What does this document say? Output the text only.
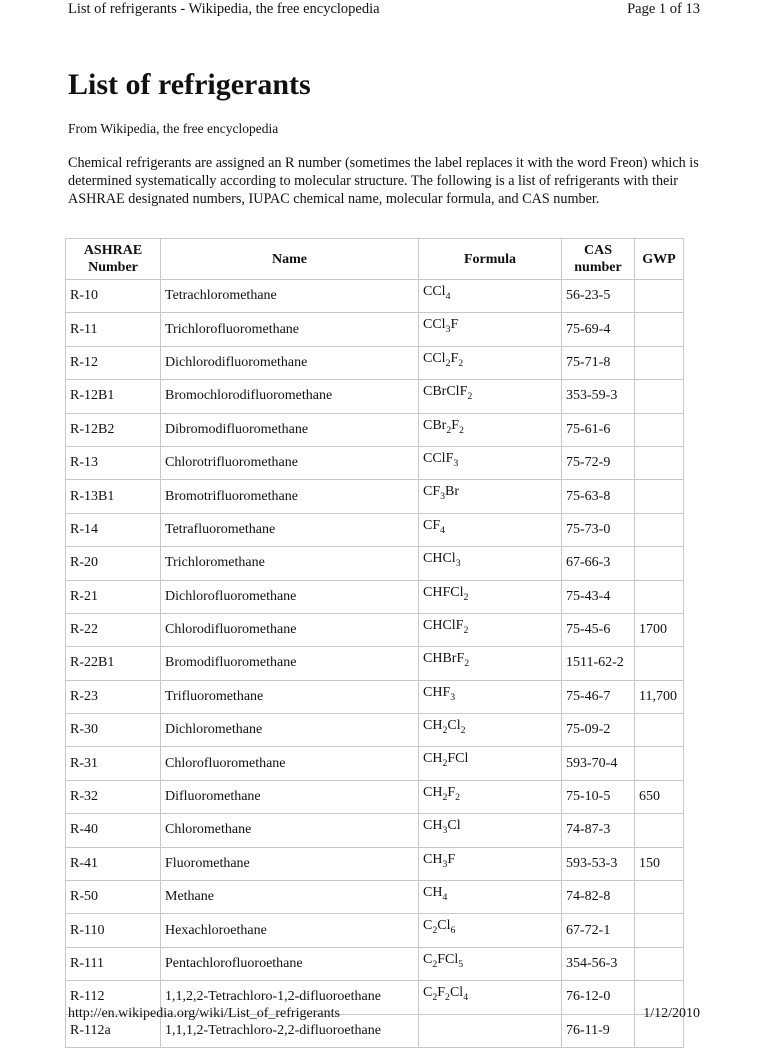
List of refrigerants - Wikipedia, the free encyclopedia	Page 1 of 13
List of refrigerants
From Wikipedia, the free encyclopedia
Chemical refrigerants are assigned an R number (sometimes the label replaces it with the word Freon) which is determined systematically according to molecular structure. The following is a list of refrigerants with their ASHRAE designated numbers, IUPAC chemical name, molecular formula, and CAS number.
ASHRAE Number	Name	Formula	CAS number	GWP
R-10	Tetrachloromethane	CCl$_4$	56-23-5	
R-11	Trichlorofluoromethane	CCl$_3$F	75-69-4	
R-12	Dichlorodifluoromethane	$CCl_2F_2$	75-71-8	
R-12B1	Bromochlorodifluoromethane	CBrClF$_2$	353-59-3	
R-12B2	Dibromodifluoromethane	$CBr_2F_2$	75-61-6	
R-13	Chlorotrifluoromethane	CClF$_3$	75-72-9	
R-13B1	Bromotrifluoromethane	$CF_3Br$	75-63-8	
R-14	Tetrafluoromethane	$CF_4$	75-73-0	
R-20	Trichloromethane	CHCl$_3$	67-66-3	
R-21	Dichlorofluoromethane	CHFCl$_2$	75-43-4	
R-22	Chlorodifluoromethane	CHClF$_2$	75-45-6	1700
R-22B1	Bromodifluoromethane	CHBrF$_2$	1511-62-2	
R-23	Trifluoromethane	$CHF_3$	75-46-7	11,700
R-30	Dichloromethane	$CH_2Cl_2$	75-09-2	
R-31	Chlorofluoromethane	$CH_2FCl$	593-70-4	
R-32	Difluoromethane	$CH_2F_2$	75-10-5	650
R-40	Chloromethane	$CH_3Cl$	74-87-3	
R-41	Fluoromethane	$CH_3F$	593-53-3	150
R-50	Methane	$CH_4$	74-82-8	
R-110	Hexachloroethane	$C_2Cl_6$	67-72-1	
R-111	Pentachlorofluoroethane	$C_2FCl_5$	354-56-3	
R-112	1,1,2,2-Tetrachloro-1,2-difluoroethane	$C_2F_2Cl_4$	76-12-0	
R-112a	1,1,1,2-Tetrachloro-2,2-difluoroethane		76-11-9	
http://en.wikipedia.org/wiki/List_of_refrigerants	1/12/2010
